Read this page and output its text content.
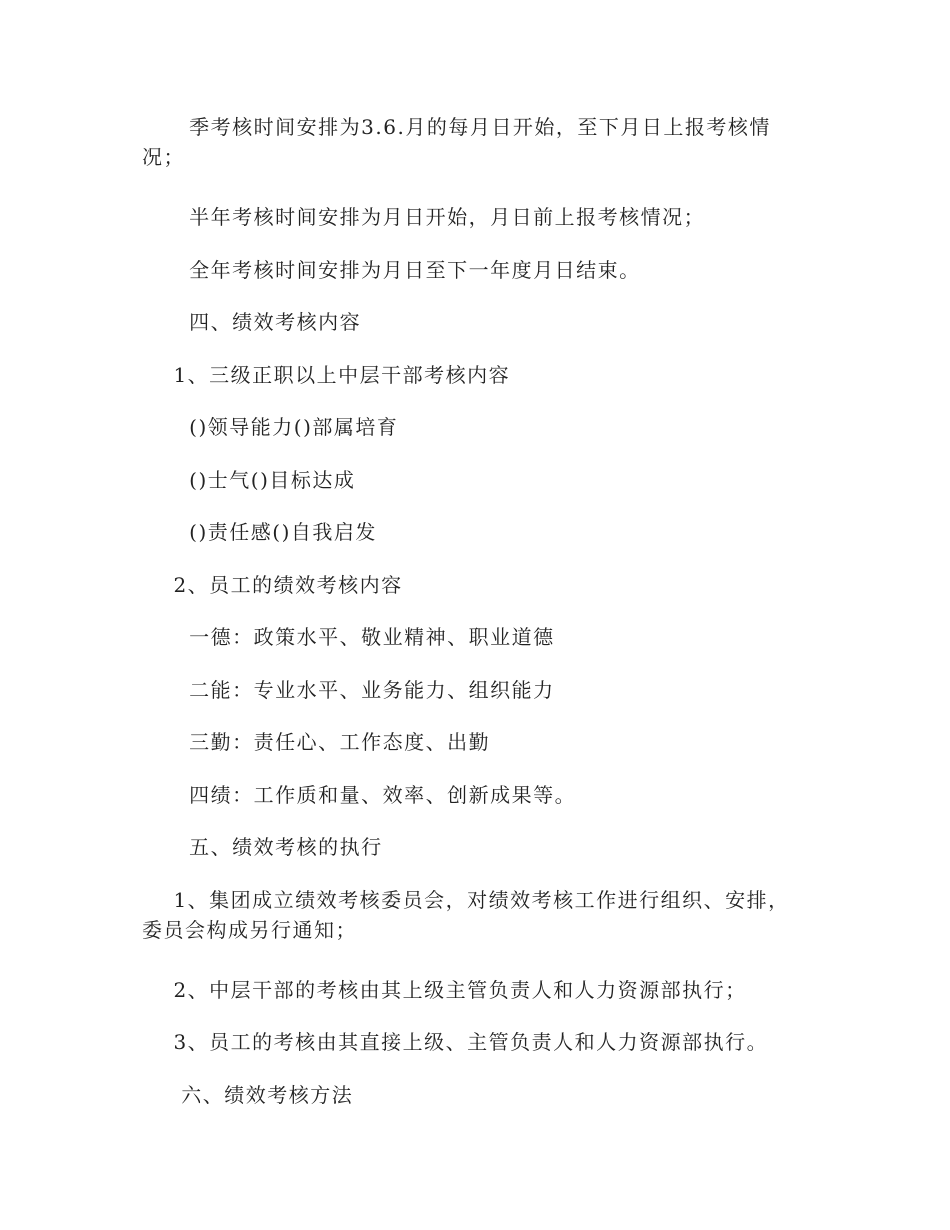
季考核时间安排为3.6.月的每月日开始，至下月日上报考核情况；

半年考核时间安排为月日开始，月日前上报考核情况；

全年考核时间安排为月日至下一年度月日结束。

四、绩效考核内容

1、三级正职以上中层干部考核内容

()领导能力()部属培育

()士气()目标达成

()责任感()自我启发

2、员工的绩效考核内容

一德：政策水平、敬业精神、职业道德

二能：专业水平、业务能力、组织能力

三勤：责任心、工作态度、出勤

四绩：工作质和量、效率、创新成果等。

五、绩效考核的执行

1、集团成立绩效考核委员会，对绩效考核工作进行组织、安排，委员会构成另行通知；

2、中层干部的考核由其上级主管负责人和人力资源部执行；

3、员工的考核由其直接上级、主管负责人和人力资源部执行。

六、绩效考核方法
